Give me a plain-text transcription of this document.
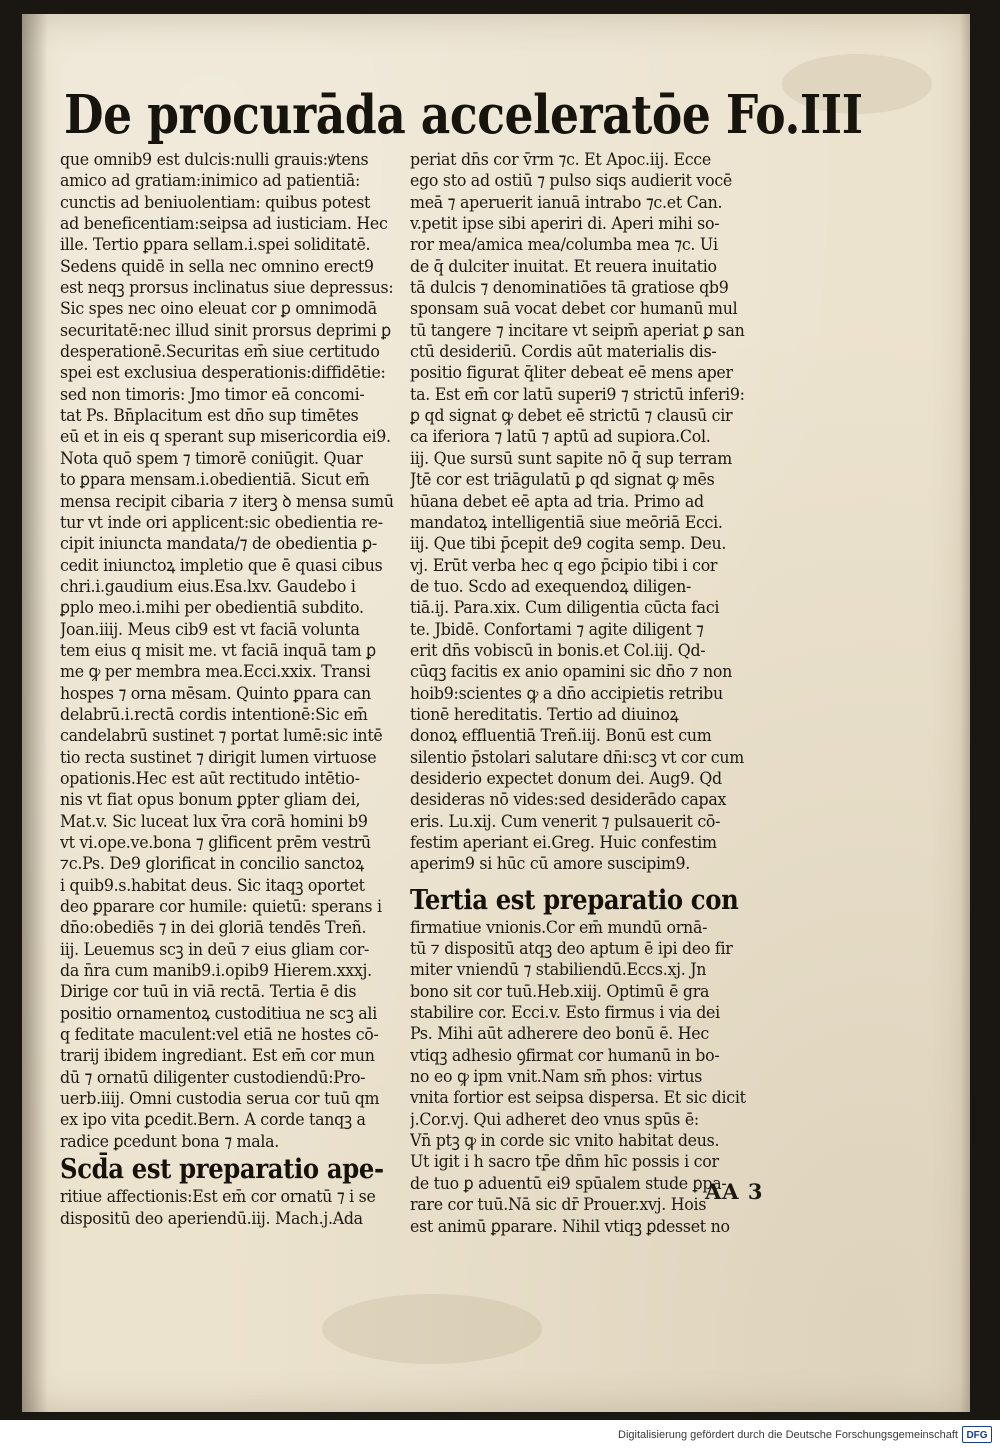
De procurāda acceleratōe Fo.III
que omnib9 est dulcis:nulli grauis:ꝟtens
amico ad gratiam:inimico ad patientiā:
cunctis ad beniuolentiam: quibus potest
ad beneficentiam:seipsa ad iusticiam. Hec
ille. Tertio ꝑpara sellam.i.spei soliditatē.
Sedens quidē in sella nec omnino erect9
est neqꝫ prorsus inclinatus siue depressus:
Sic spes nec oino eleuat cor ꝑ omnimodā
securitatē:nec illud sinit prorsus deprimi ꝑ
desperationē.Securitas em̄ siue certitudo
spei est exclusiua desperationis:diffidētie:
sed non timoris: Jmo timor eā concomi-
tat̄ Ps. Bn̄placitum est dn̄o sup timētes
eū et in eis q sperant sup misericordia ei9.
Nota quō spem ⁊ timorē coniūgit. Quar
to ꝑpara mensam.i.obedientiā. Sicut em̄
mensa recipit cibaria ⁊ iterꝫ ꝺ mensa sumū
tur vt inde ori applicent̄:sic obedientia re-
cipit iniuncta mandata/⁊ de obedientia ꝑ-
cedit iniunctoꝝ impletio que ē quasi cibus
chri.i.gaudium eius.Esa.lxv. Gaudebo i
ꝑplo meo.i.mihi per obedientiā subdito.
Joan.iiij. Meus cib9 est vt faciā volunta
tem eius q misit me. vt faciā inquā tam ꝑ
me ꝙ per membra mea.Ecci.xxix. Transi
hospes ⁊ orna mēsam. Quinto ꝑpara can
delabrū.i.rectā cordis intentionē:Sic em̄
candelabrū sustinet ⁊ portat lumē:sic intē
tio recta sustinet ⁊ dirigit lumen virtuose
opationis.Hec est aūt rectitudo intētio-
nis vt fiat opus bonum ꝑpter gl̄iam dei,
Mat.v. Sic luceat lux v̄ra corā homini b9
vt vi.ope.ve.bona ⁊ gl̄ificent prēm vestrū
⁊c.Ps. De9 glorificat̄ in concilio sanctoꝝ
i quib9.s.habitat deus. Sic itaqꝫ oportet
deo ꝑparare cor humile: quietū: sperans i
dn̄o:obediēs ⁊ in dei gloriā tendēs Treñ.
iij. Leuemus scꝫ in deū ⁊ eius gl̄iam cor-
da n̄ra cum manib9.i.opib9 Hierem.xxxj.
Dirige cor tuū in viā rectā. Tertia ē dis
positio ornamentoꝝ custoditiua ne scꝫ ali
q feditate maculent̄:vel etiā ne hostes cō-
trarij ibidem ingrediant̄. Est em̄ cor mun
dū ⁊ ornatū diligenter custodiendū:Pro-
uerb.iiij. Omni custodia serua cor tuū qm
ex ipo vita ꝑcedit.Bern. A corde tanqꝫ a
radice ꝑcedunt bona ⁊ mala.
Scd̄a est preparatio ape-
ritiue affectionis:Est em̄ cor ornatū ⁊ i se
dispositū deo aperiendū.iij. Mach.j.Ada
periat dn̄s cor v̄rm ⁊c. Et Apoc.iij. Ecce
ego sto ad ostiū ⁊ pulso siqs audierit vocē
meā ⁊ aperuerit ianuā intrabo ⁊c.et Can.
v.petit ipse sibi aperiri di. Aperi mihi so-
ror mea/amica mea/columba mea ⁊c. Ui
de q̄ dulciter inuitat. Et reuera inuitatio
tā dulcis ⁊ denominatiōes tā gratiose qb9
sponsam suā vocat debet cor humanū mul
tū tangere ⁊ incitare vt seipm̄ aperiat ꝑ san
ctū desideriū. Cordis aūt materialis dis-
positio figurat q̄liter debeat eē mens aper
ta. Est em̄ cor latū superi9 ⁊ strictū inferi9:
ꝑ qd̄ signat̄ ꝙ debet eē strictū ⁊ clausū cir
ca iferiora ⁊ latū ⁊ aptū ad supiora.Col.
iij. Que sursū sunt sapite nō q̄ sup terram
Jtē cor est triāgulatū ꝑ qd̄ signat̄ ꝙ mēs
hūana debet eē apta ad tria. Primo ad
mandatoꝝ intelligentiā siue meōriā Ecci.
iij. Que tibi p̄cepit de9 cogita semp. Deu.
vj. Erūt verba hec q ego p̄cipio tibi i cor
de tuo. Scd̄o ad exequendoꝝ diligen-
tiā.ij. Para.xix. Cum diligentia cūcta faci
te. Jbidē. Confortami ⁊ agite diligent̄ ⁊
erit dn̄s vobiscū in bonis.et Col.iij. Qd̄-
cūqꝫ facitis ex anio opamini sic dn̄o ⁊ non
hoib9:scientes ꝙ a dn̄o accipietis retribu
tionē hereditatis. Tertio ad diuinoꝝ
donoꝝ effluentiā Treñ.iij. Bonū est cum
silentio p̄stolari salutare dn̄i:scꝫ vt cor cum
desiderio expectet donum dei. Aug9. Qd̄
desideras nō vides:sed desiderādo capax
eris. Lu.xij. Cum venerit ⁊ pulsauerit cō-
festim aperiant ei.Greg. Huic confestim
aperim9 si hūc cū amore suscipim9.
Tertia est preparatio con
firmatiue vnionis.Cor em̄ mundū ornā-
tū ⁊ dispositū atqꝫ deo aptum ē ipi deo fir
miter vniendū ⁊ stabiliendū.Eccs.xj. Jn
bono sit cor tuū.Heb.xiij. Optimū ē gra
stabilire cor. Ecci.v. Esto firmus i via dei
Ps. Mihi aūt adherere deo bonū ē. Hec
vtiqꝫ adhesio ꝯfirmat cor humanū in bo-
no eo ꝙ ipm vnit.Nam sm̄ phos: virtus
vnita fortior est seipsa dispersa. Et sic dicit
j.Cor.vj. Qui adheret deo vnus spūs ē:
Vn̄ ptꝫ ꝙ in corde sic vnito habitat deus.
Ut igit̄ i h̄ sacro tp̄e dn̄m hīc possis i cor
de tuo ꝑ aduentū ei9 spūalem stude ꝑpa-
rare cor tuū.Nā sic dr̄ Prouer.xvj. Hois
est animū ꝑparare. Nihil vtiqꝫ ꝑdesset no
AA 3
Digitalisierung gefördert durch die Deutsche Forschungsgemeinschaft DFG
